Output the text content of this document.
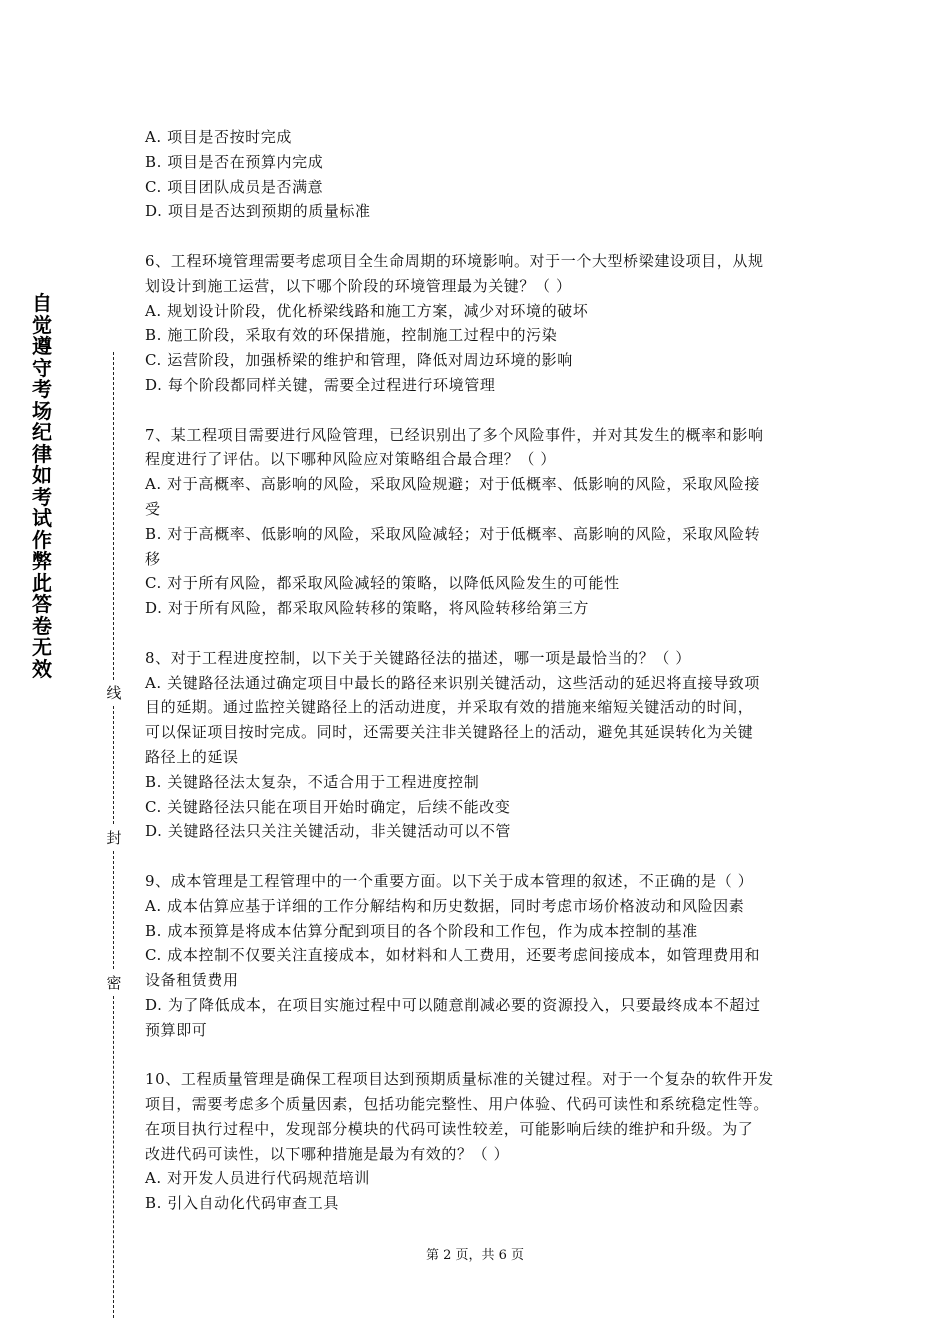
自
觉
遵
守
考
场
纪
律
如
考
试
作
弊
此
答
卷
无
效
线
封
密

A. 项目是否按时完成

B. 项目是否在预算内完成

C. 项目团队成员是否满意

D. 项目是否达到预期的质量标准

6、工程环境管理需要考虑项目全生命周期的环境影响。对于一个大型桥梁建设项目，从规

划设计到施工运营，以下哪个阶段的环境管理最为关键？（ ）

A. 规划设计阶段，优化桥梁线路和施工方案，减少对环境的破坏

B. 施工阶段，采取有效的环保措施，控制施工过程中的污染

C. 运营阶段，加强桥梁的维护和管理，降低对周边环境的影响

D. 每个阶段都同样关键，需要全过程进行环境管理

7、某工程项目需要进行风险管理，已经识别出了多个风险事件，并对其发生的概率和影响

程度进行了评估。以下哪种风险应对策略组合最合理？（ ）

A. 对于高概率、高影响的风险，采取风险规避；对于低概率、低影响的风险，采取风险接

受

B. 对于高概率、低影响的风险，采取风险减轻；对于低概率、高影响的风险，采取风险转

移

C. 对于所有风险，都采取风险减轻的策略，以降低风险发生的可能性

D. 对于所有风险，都采取风险转移的策略，将风险转移给第三方

8、对于工程进度控制，以下关于关键路径法的描述，哪一项是最恰当的？（ ）

A. 关键路径法通过确定项目中最长的路径来识别关键活动，这些活动的延迟将直接导致项

目的延期。通过监控关键路径上的活动进度，并采取有效的措施来缩短关键活动的时间，

可以保证项目按时完成。同时，还需要关注非关键路径上的活动，避免其延误转化为关键

路径上的延误

B. 关键路径法太复杂，不适合用于工程进度控制

C. 关键路径法只能在项目开始时确定，后续不能改变

D. 关键路径法只关注关键活动，非关键活动可以不管

9、成本管理是工程管理中的一个重要方面。以下关于成本管理的叙述，不正确的是（ ）

A. 成本估算应基于详细的工作分解结构和历史数据，同时考虑市场价格波动和风险因素

B. 成本预算是将成本估算分配到项目的各个阶段和工作包，作为成本控制的基准

C. 成本控制不仅要关注直接成本，如材料和人工费用，还要考虑间接成本，如管理费用和

设备租赁费用

D. 为了降低成本，在项目实施过程中可以随意削减必要的资源投入，只要最终成本不超过

预算即可

10、工程质量管理是确保工程项目达到预期质量标准的关键过程。对于一个复杂的软件开发

项目，需要考虑多个质量因素，包括功能完整性、用户体验、代码可读性和系统稳定性等。

在项目执行过程中，发现部分模块的代码可读性较差，可能影响后续的维护和升级。为了

改进代码可读性，以下哪种措施是最为有效的？（ ）

A. 对开发人员进行代码规范培训

B. 引入自动化代码审查工具

第 2 页，共 6 页
